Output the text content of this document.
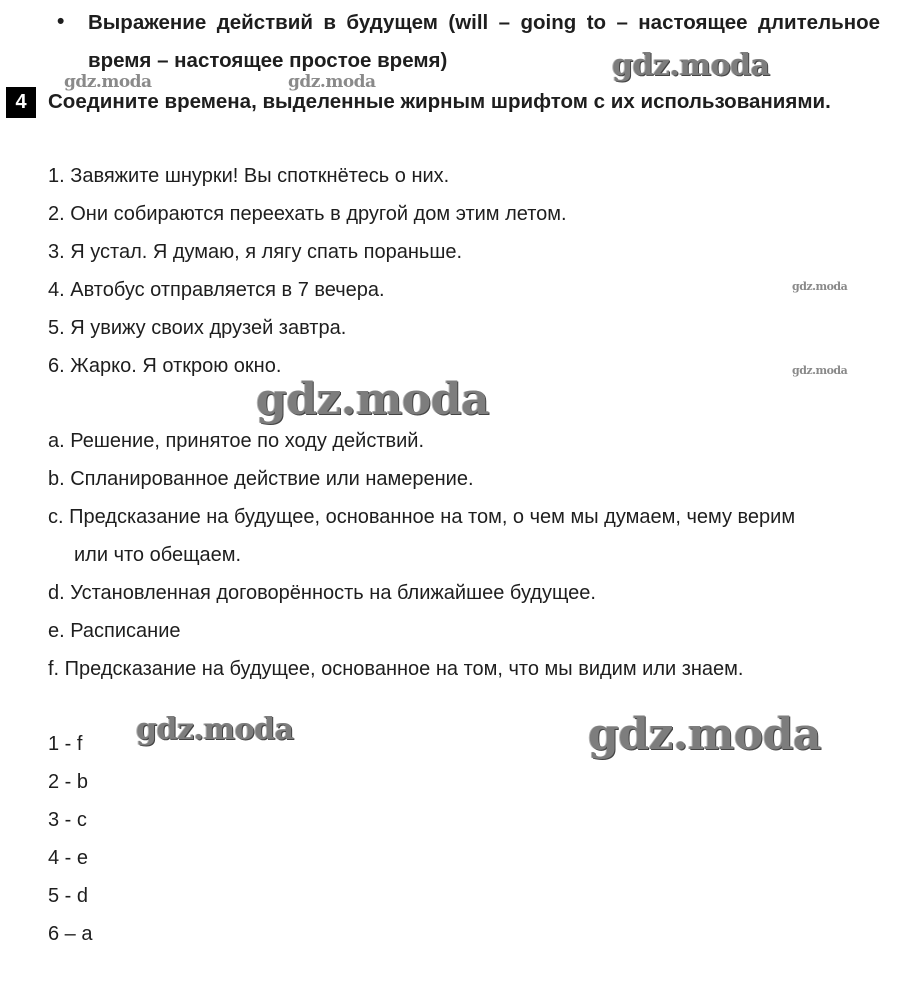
• Выражение действий в будущем (will – going to – настоящее длительное время – настоящее простое время)
4	Соедините времена, выделенные жирным шрифтом с их использованиями.
1. Завяжите шнурки! Вы споткнётесь о них.
2. Они собираются переехать в другой дом этим летом.
3. Я устал. Я думаю, я лягу спать пораньше.
4. Автобус отправляется в 7 вечера.
5. Я увижу своих друзей завтра.
6. Жарко. Я открою окно.
a. Решение, принятое по ходу действий.
b. Спланированное действие или намерение.
c. Предсказание на будущее, основанное на том, о чем мы думаем, чему верим
или что обещаем.
d. Установленная договорённость на ближайшее будущее.
e. Расписание
f. Предсказание на будущее, основанное на том, что мы видим или знаем.
1 - f
2 - b
3 - c
4 - e
5 - d
6 – a
gdz.moda
gdz.moda	gdz.moda
gdz.moda
gdz.moda
gdz.moda
gdz.moda	gdz.moda
